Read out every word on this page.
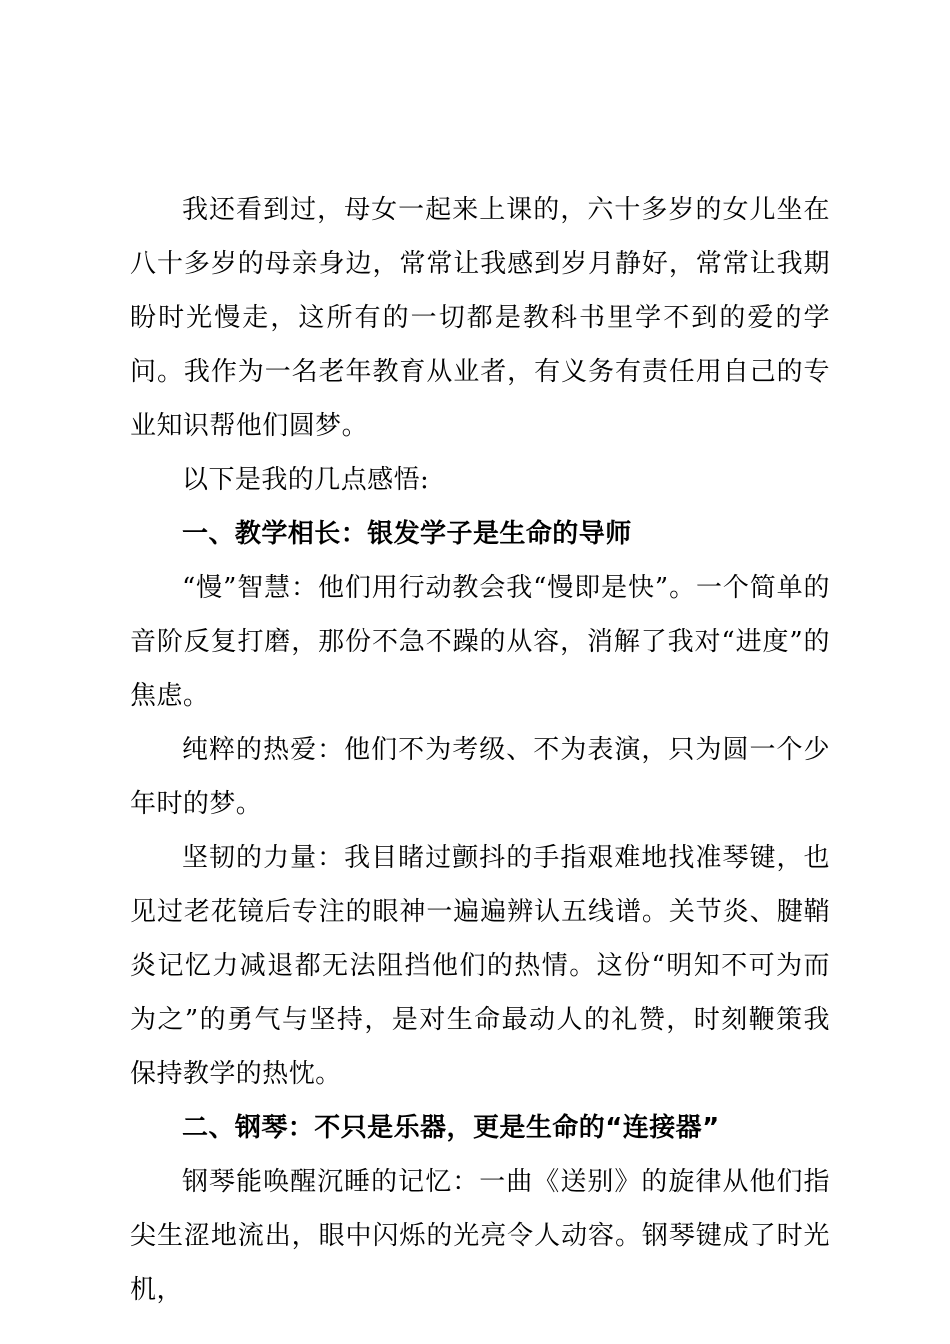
我还看到过，母女一起来上课的，六十多岁的女儿坐在八十多岁的母亲身边，常常让我感到岁月静好，常常让我期盼时光慢走，这所有的一切都是教科书里学不到的爱的学问。我作为一名老年教育从业者，有义务有责任用自己的专业知识帮他们圆梦。

以下是我的几点感悟:

一、教学相长：银发学子是生命的导师

“慢”智慧：他们用行动教会我“慢即是快”。一个简单的音阶反复打磨，那份不急不躁的从容，消解了我对“进度”的焦虑。

纯粹的热爱：他们不为考级、不为表演，只为圆一个少年时的梦。

坚韧的力量：我目睹过颤抖的手指艰难地找准琴键，也见过老花镜后专注的眼神一遍遍辨认五线谱。关节炎、腱鞘炎记忆力减退都无法阻挡他们的热情。这份“明知不可为而为之”的勇气与坚持，是对生命最动人的礼赞，时刻鞭策我保持教学的热忱。

二、钢琴：不只是乐器，更是生命的“连接器”

钢琴能唤醒沉睡的记忆：一曲《送别》的旋律从他们指尖生涩地流出，眼中闪烁的光亮令人动容。钢琴键成了时光机，
